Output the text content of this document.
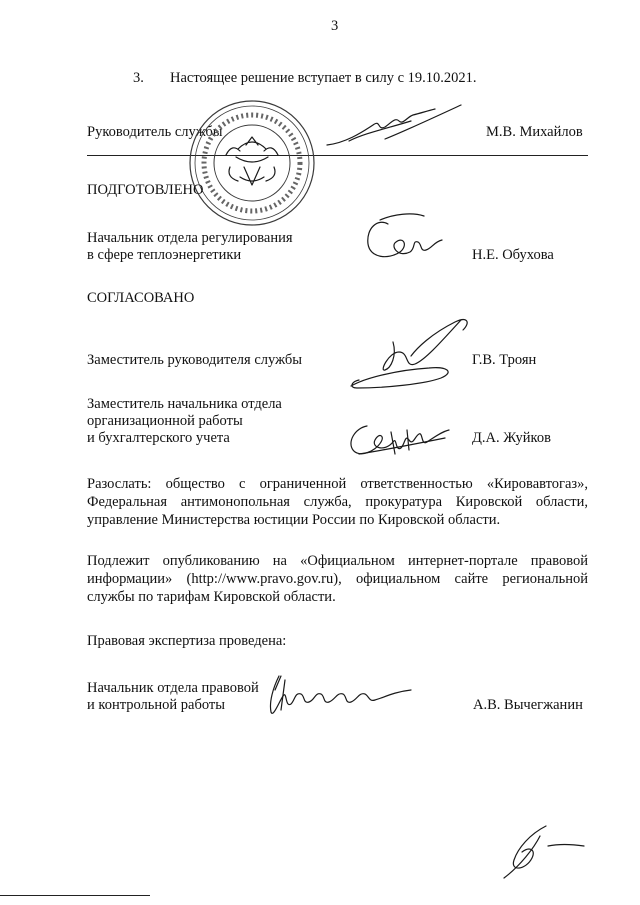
3
3. Настоящее решение вступает в силу с 19.10.2021.
Руководитель службы	М.В. Михайлов
ПОДГОТОВЛЕНО
Начальник отдела регулирования
в сфере теплоэнергетики	Н.Е. Обухова
СОГЛАСОВАНО
Заместитель руководителя службы	Г.В. Троян
Заместитель начальника отдела
организационной работы
и бухгалтерского учета	Д.А. Жуйков
Разослать: общество с ограниченной ответственностью «Кировавтогаз», Федеральная антимонопольная служба, прокуратура Кировской области, управление Министерства юстиции России по Кировской области.
Подлежит опубликованию на «Официальном интернет-портале правовой информации» (http://www.pravo.gov.ru), официальном сайте региональной службы по тарифам Кировской области.
Правовая экспертиза проведена:
Начальник отдела правовой
и контрольной работы	А.В. Вычегжанин
